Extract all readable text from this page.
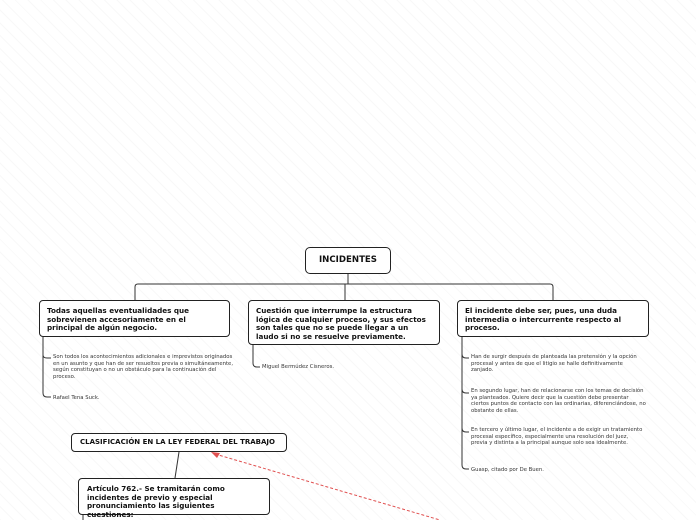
INCIDENTES
Todas aquellas eventualidades que sobrevienen accesoriamente en el principal de algún negocio.
Cuestión que interrumpe la estructura lógica de cualquier proceso, y sus efectos son tales que no se puede llegar a un laudo si no se resuelve previamente.
El incidente debe ser, pues, una duda intermedia o intercurrente respecto al proceso.
Son todos los acontecimientos adicionales e imprevistos originados en un asunto y que han de ser resueltos previa o simultáneamente, según constituyan o no un obstáculo para la continuación del proceso.
Rafael Tena Suck.
Miguel Bermúdez Cisneros.
Han de surgir después de planteada las pretensión y la opción procesal y antes de que el litigio se halle definitivamente zanjado.
En segundo lugar, han de relacionarse con los temas de decisión ya planteados. Quiere decir que la cuestión debe presentar ciertos puntos de contacto con las ordinarias, diferenciándose, no obstante de ellas.
En tercero y último lugar, el incidente a de exigir un tratamiento procesal específico, especialmente una resolución del juez, previa y distinta a la principal aunque solo sea idealmente.
Guasp, citado por De Buen.
CLASIFICACIÓN EN LA LEY FEDERAL DEL TRABAJO
Artículo 762.- Se tramitarán como incidentes de previo y especial pronunciamiento las siguientes cuestiones:
